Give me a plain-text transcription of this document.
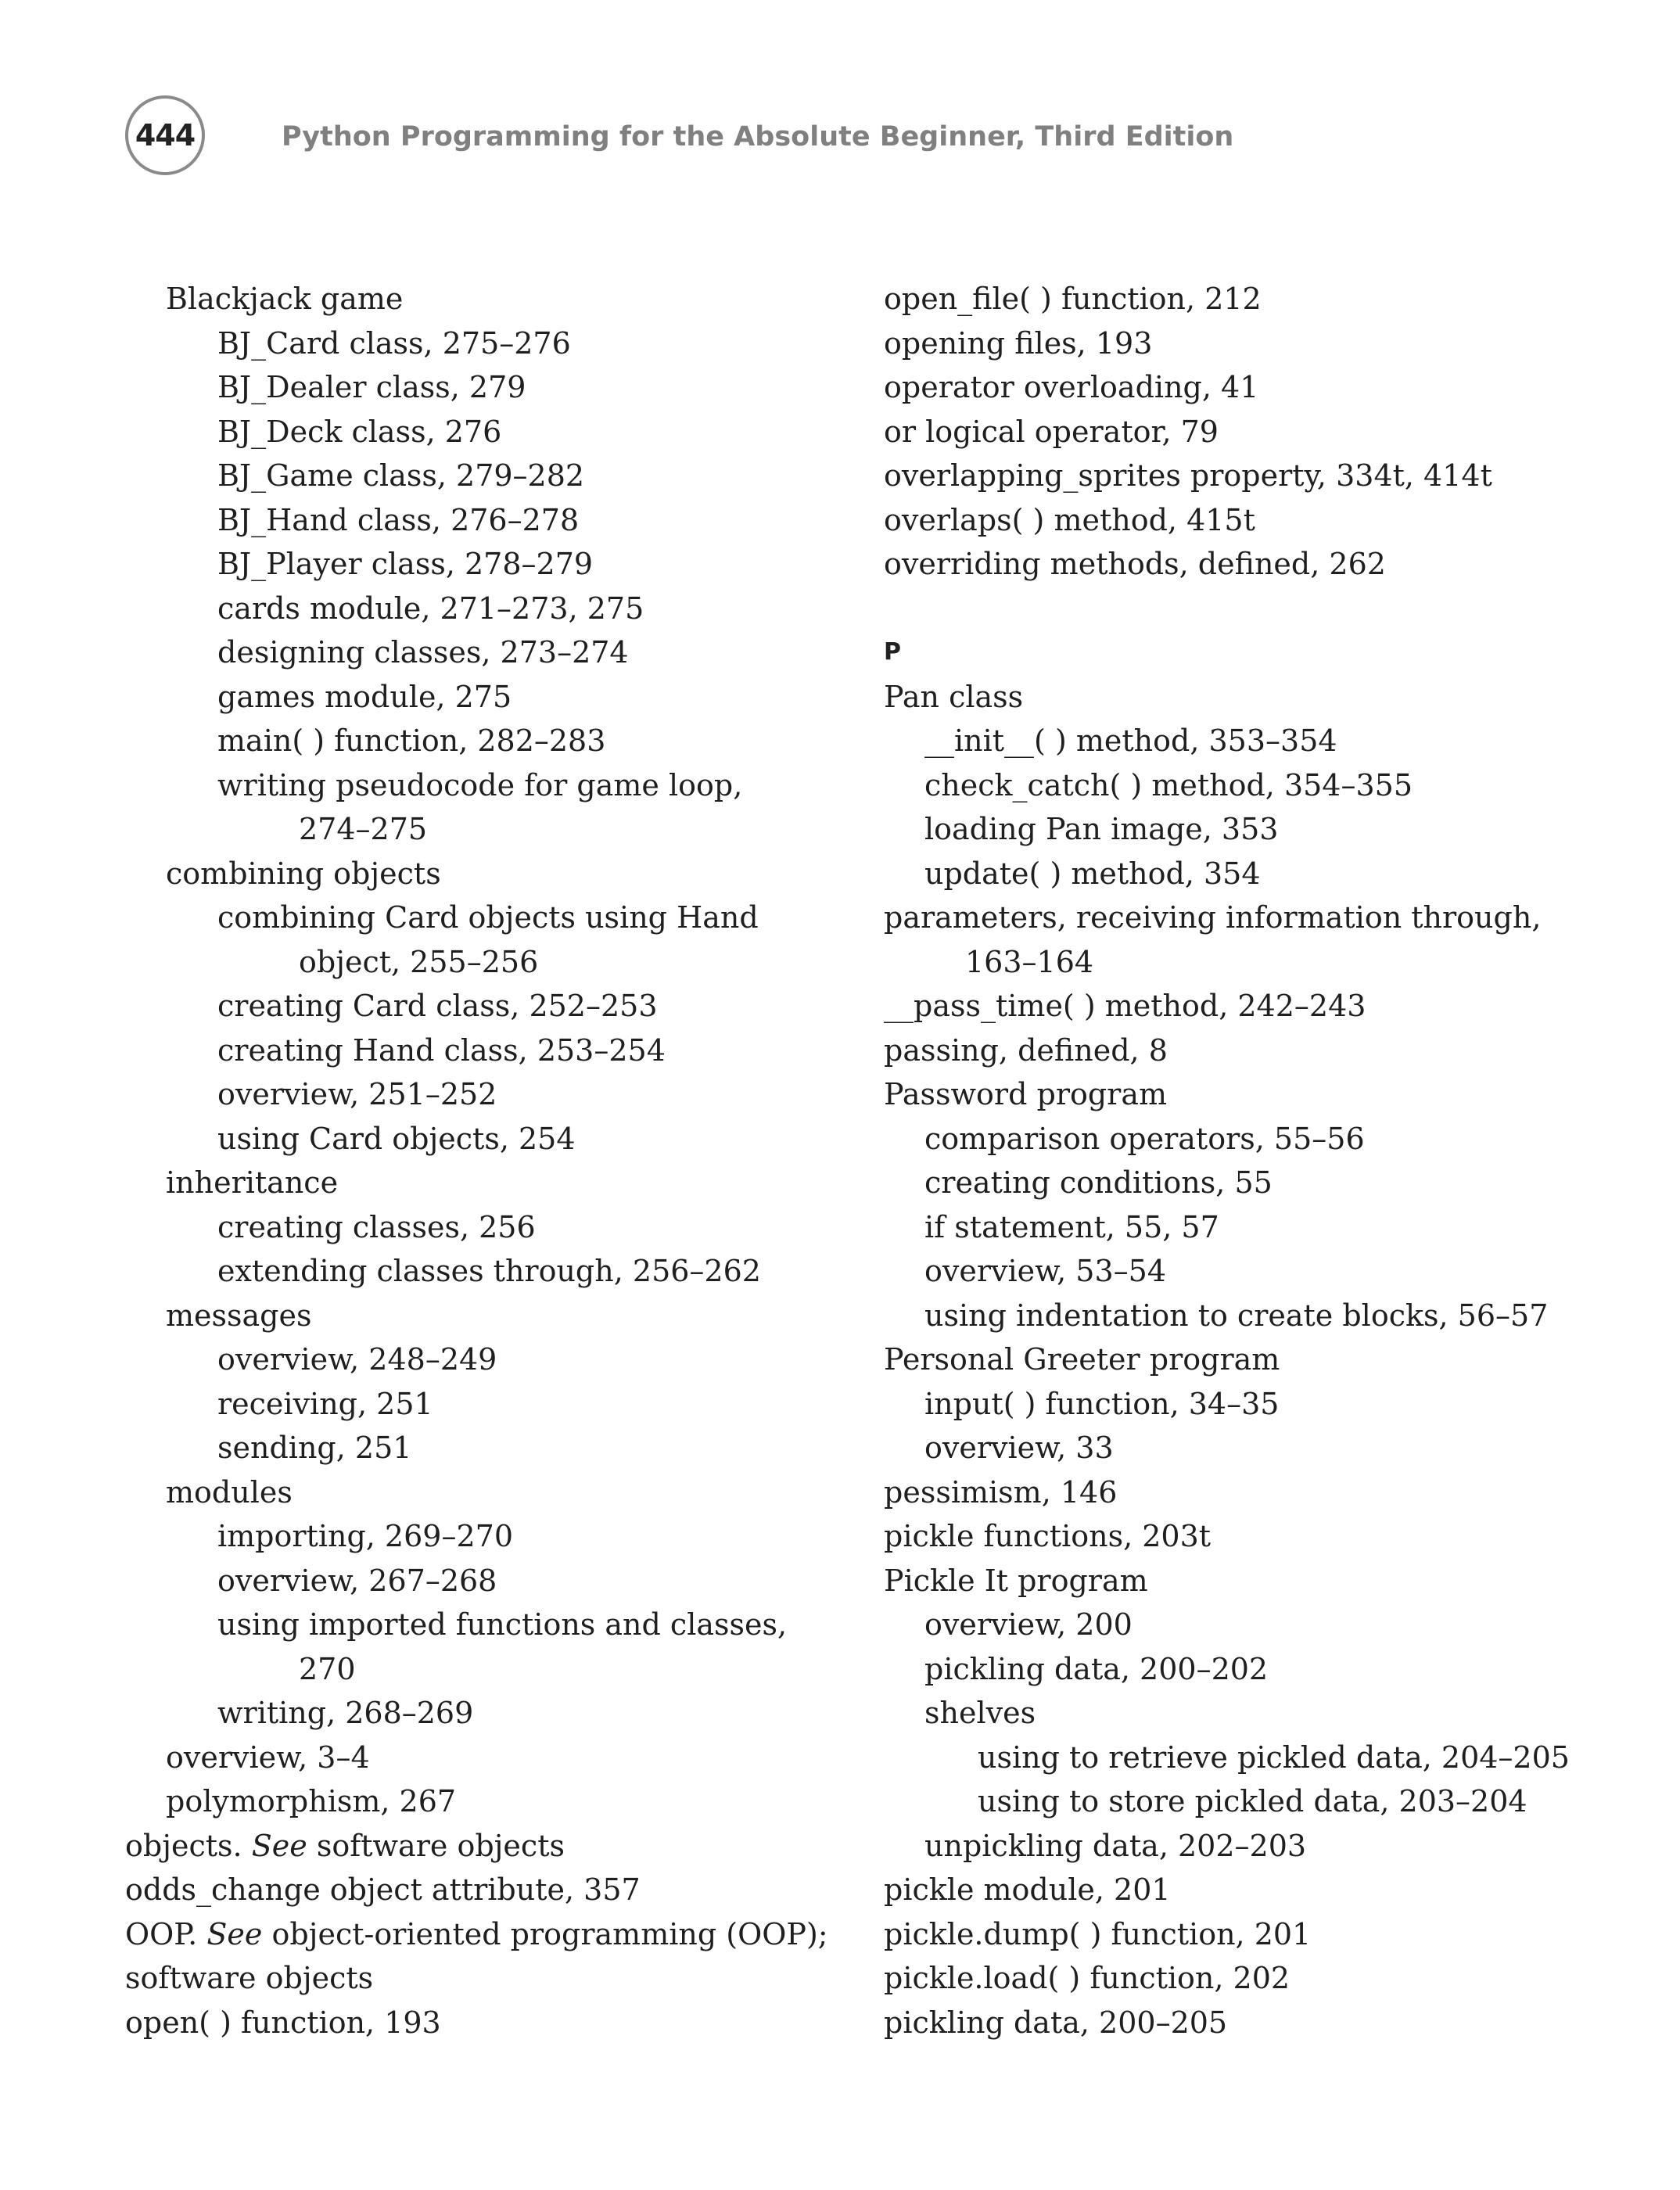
444	Python Programming for the Absolute Beginner, Third Edition
Blackjack game
BJ_Card class, 275–276
BJ_Dealer class, 279
BJ_Deck class, 276
BJ_Game class, 279–282
BJ_Hand class, 276–278
BJ_Player class, 278–279
cards module, 271–273, 275
designing classes, 273–274
games module, 275
main( ) function, 282–283
writing pseudocode for game loop,
274–275
combining objects
combining Card objects using Hand
object, 255–256
creating Card class, 252–253
creating Hand class, 253–254
overview, 251–252
using Card objects, 254
inheritance
creating classes, 256
extending classes through, 256–262
messages
overview, 248–249
receiving, 251
sending, 251
modules
importing, 269–270
overview, 267–268
using imported functions and classes,
270
writing, 268–269
overview, 3–4
polymorphism, 267
objects. See software objects
odds_change object attribute, 357
OOP. See object-oriented programming (OOP);
software objects
open( ) function, 193
open_file( ) function, 212
opening files, 193
operator overloading, 41
or logical operator, 79
overlapping_sprites property, 334t, 414t
overlaps( ) method, 415t
overriding methods, defined, 262
P
Pan class
__init__( ) method, 353–354
check_catch( ) method, 354–355
loading Pan image, 353
update( ) method, 354
parameters, receiving information through,
163–164
__pass_time( ) method, 242–243
passing, defined, 8
Password program
comparison operators, 55–56
creating conditions, 55
if statement, 55, 57
overview, 53–54
using indentation to create blocks, 56–57
Personal Greeter program
input( ) function, 34–35
overview, 33
pessimism, 146
pickle functions, 203t
Pickle It program
overview, 200
pickling data, 200–202
shelves
using to retrieve pickled data, 204–205
using to store pickled data, 203–204
unpickling data, 202–203
pickle module, 201
pickle.dump( ) function, 201
pickle.load( ) function, 202
pickling data, 200–205
